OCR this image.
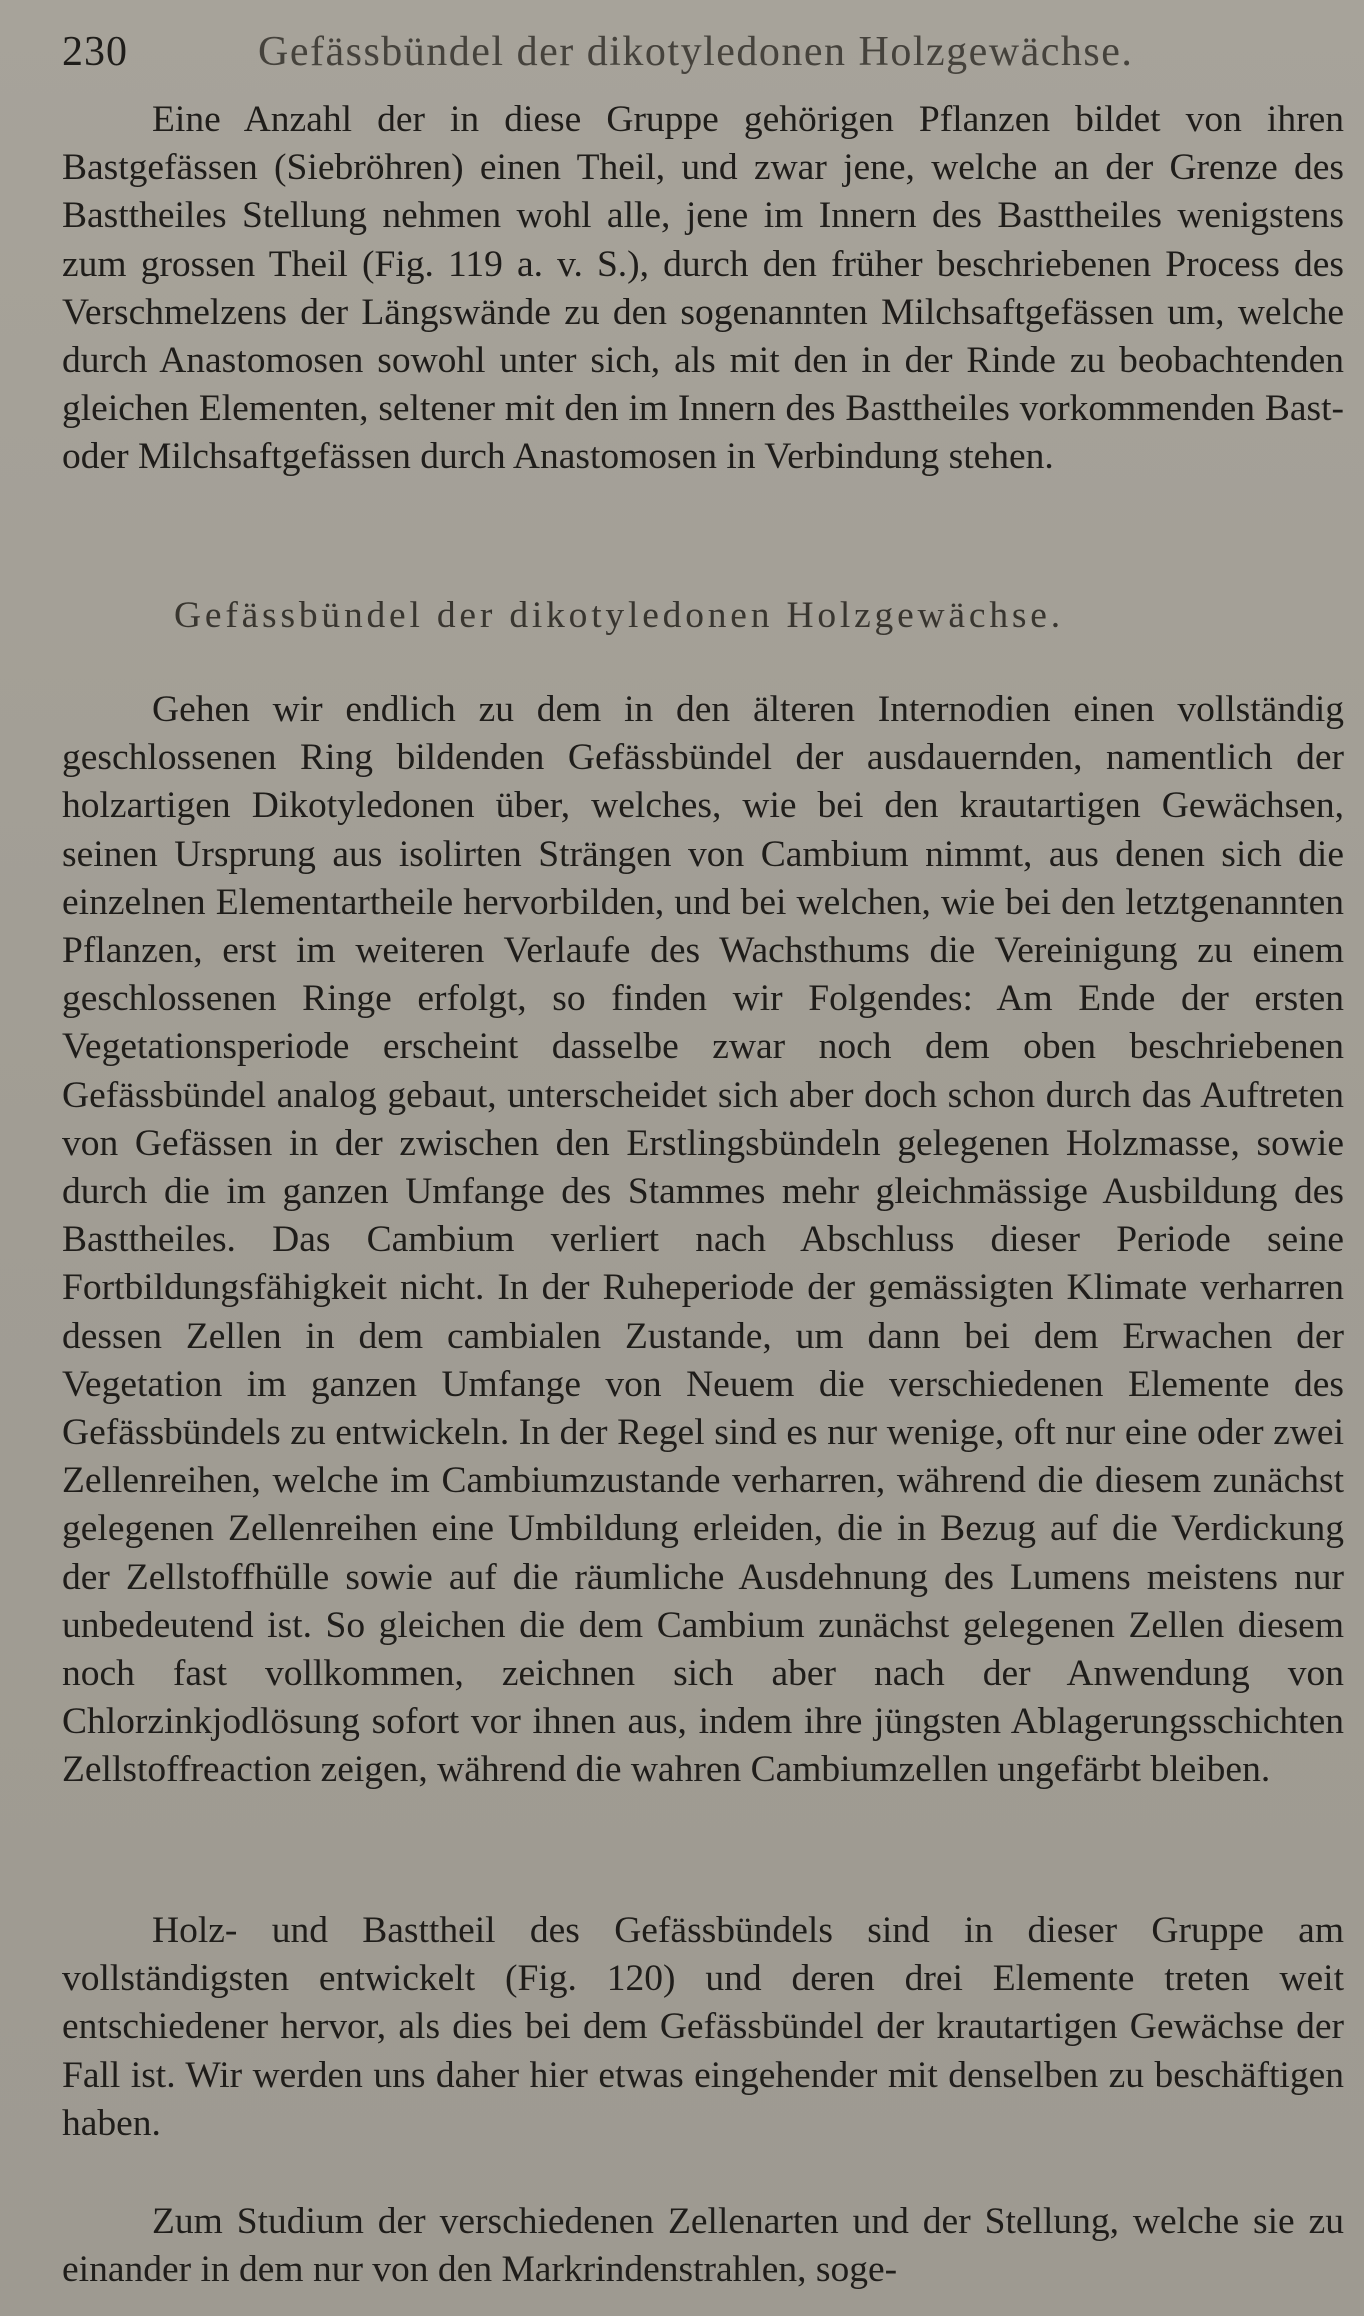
230	Gefässbündel der dikotyledonen Holzgewächse.

Eine Anzahl der in diese Gruppe gehörigen Pflanzen bildet von ihren Bastgefässen (Siebröhren) einen Theil, und zwar jene, welche an der Grenze des Basttheiles Stellung nehmen wohl alle, jene im Innern des Basttheiles wenigstens zum grossen Theil (Fig. 119 a. v. S.), durch den früher beschriebenen Process des Verschmelzens der Längswände zu den sogenannten Milchsaftgefässen um, welche durch Anastomosen sowohl unter sich, als mit den in der Rinde zu beobachtenden gleichen Elementen, seltener mit den im Innern des Basttheiles vorkommenden Bast- oder Milchsaftgefässen durch Anastomosen in Verbindung stehen.

Gefässbündel der dikotyledonen Holzgewächse.

Gehen wir endlich zu dem in den älteren Internodien einen vollständig geschlossenen Ring bildenden Gefässbündel der ausdauernden, namentlich der holzartigen Dikotyledonen über, welches, wie bei den krautartigen Gewächsen, seinen Ursprung aus isolirten Strängen von Cambium nimmt, aus denen sich die einzelnen Elementartheile hervorbilden, und bei welchen, wie bei den letztgenannten Pflanzen, erst im weiteren Verlaufe des Wachsthums die Vereinigung zu einem geschlossenen Ringe erfolgt, so finden wir Folgendes: Am Ende der ersten Vegetationsperiode erscheint dasselbe zwar noch dem oben beschriebenen Gefässbündel analog gebaut, unterscheidet sich aber doch schon durch das Auftreten von Gefässen in der zwischen den Erstlingsbündeln gelegenen Holzmasse, sowie durch die im ganzen Umfange des Stammes mehr gleichmässige Ausbildung des Basttheiles. Das Cambium verliert nach Abschluss dieser Periode seine Fortbildungsfähigkeit nicht. In der Ruheperiode der gemässigten Klimate verharren dessen Zellen in dem cambialen Zustande, um dann bei dem Erwachen der Vegetation im ganzen Umfange von Neuem die verschiedenen Elemente des Gefässbündels zu entwickeln. In der Regel sind es nur wenige, oft nur eine oder zwei Zellenreihen, welche im Cambiumzustande verharren, während die diesem zunächst gelegenen Zellenreihen eine Umbildung erleiden, die in Bezug auf die Verdickung der Zellstoffhülle sowie auf die räumliche Ausdehnung des Lumens meistens nur unbedeutend ist. So gleichen die dem Cambium zunächst gelegenen Zellen diesem noch fast vollkommen, zeichnen sich aber nach der Anwendung von Chlorzinkjodlösung sofort vor ihnen aus, indem ihre jüngsten Ablagerungsschichten Zellstoffreaction zeigen, während die wahren Cambiumzellen ungefärbt bleiben.

Holz- und Basttheil des Gefässbündels sind in dieser Gruppe am vollständigsten entwickelt (Fig. 120) und deren drei Elemente treten weit entschiedener hervor, als dies bei dem Gefässbündel der krautartigen Gewächse der Fall ist. Wir werden uns daher hier etwas eingehender mit denselben zu beschäftigen haben.

Zum Studium der verschiedenen Zellenarten und der Stellung, welche sie zu einander in dem nur von den Markrindenstrahlen, soge-
